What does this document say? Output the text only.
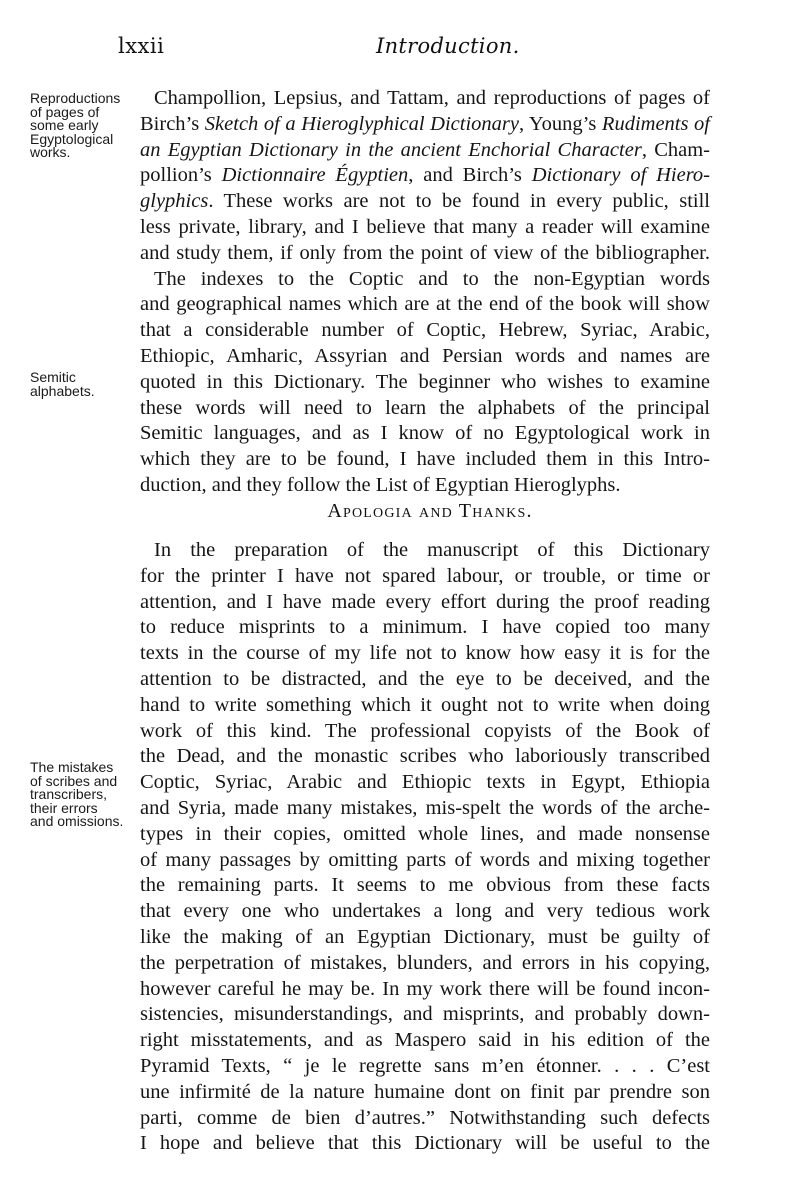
lxxii	Introduction.
Reproductions
of pages of
some early
Egyptological
works.
Semitic
alphabets.
The mistakes
of scribes and
transcribers,
their errors
and omissions.
Champollion, Lepsius, and Tattam, and reproductions of pages of
Birch’s Sketch of a Hieroglyphical Dictionary, Young’s Rudiments of
an Egyptian Dictionary in the ancient Enchorial Character, Cham-
pollion’s Dictionnaire Égyptien, and Birch’s Dictionary of Hiero-
glyphics. These works are not to be found in every public, still
less private, library, and I believe that many a reader will examine
and study them, if only from the point of view of the bibliographer.
The indexes to the Coptic and to the non-Egyptian words
and geographical names which are at the end of the book will show
that a considerable number of Coptic, Hebrew, Syriac, Arabic,
Ethiopic, Amharic, Assyrian and Persian words and names are
quoted in this Dictionary. The beginner who wishes to examine
these words will need to learn the alphabets of the principal
Semitic languages, and as I know of no Egyptological work in
which they are to be found, I have included them in this Intro-
duction, and they follow the List of Egyptian Hieroglyphs.
Apologia and Thanks.
In the preparation of the manuscript of this Dictionary
for the printer I have not spared labour, or trouble, or time or
attention, and I have made every effort during the proof reading
to reduce misprints to a minimum. I have copied too many
texts in the course of my life not to know how easy it is for the
attention to be distracted, and the eye to be deceived, and the
hand to write something which it ought not to write when doing
work of this kind. The professional copyists of the Book of
the Dead, and the monastic scribes who laboriously transcribed
Coptic, Syriac, Arabic and Ethiopic texts in Egypt, Ethiopia
and Syria, made many mistakes, mis-spelt the words of the arche-
types in their copies, omitted whole lines, and made nonsense
of many passages by omitting parts of words and mixing together
the remaining parts. It seems to me obvious from these facts
that every one who undertakes a long and very tedious work
like the making of an Egyptian Dictionary, must be guilty of
the perpetration of mistakes, blunders, and errors in his copying,
however careful he may be. In my work there will be found incon-
sistencies, misunderstandings, and misprints, and probably down-
right misstatements, and as Maspero said in his edition of the
Pyramid Texts, “ je le regrette sans m’en étonner. . . . C’est
une infirmité de la nature humaine dont on finit par prendre son
parti, comme de bien d’autres.” Notwithstanding such defects
I hope and believe that this Dictionary will be useful to the
